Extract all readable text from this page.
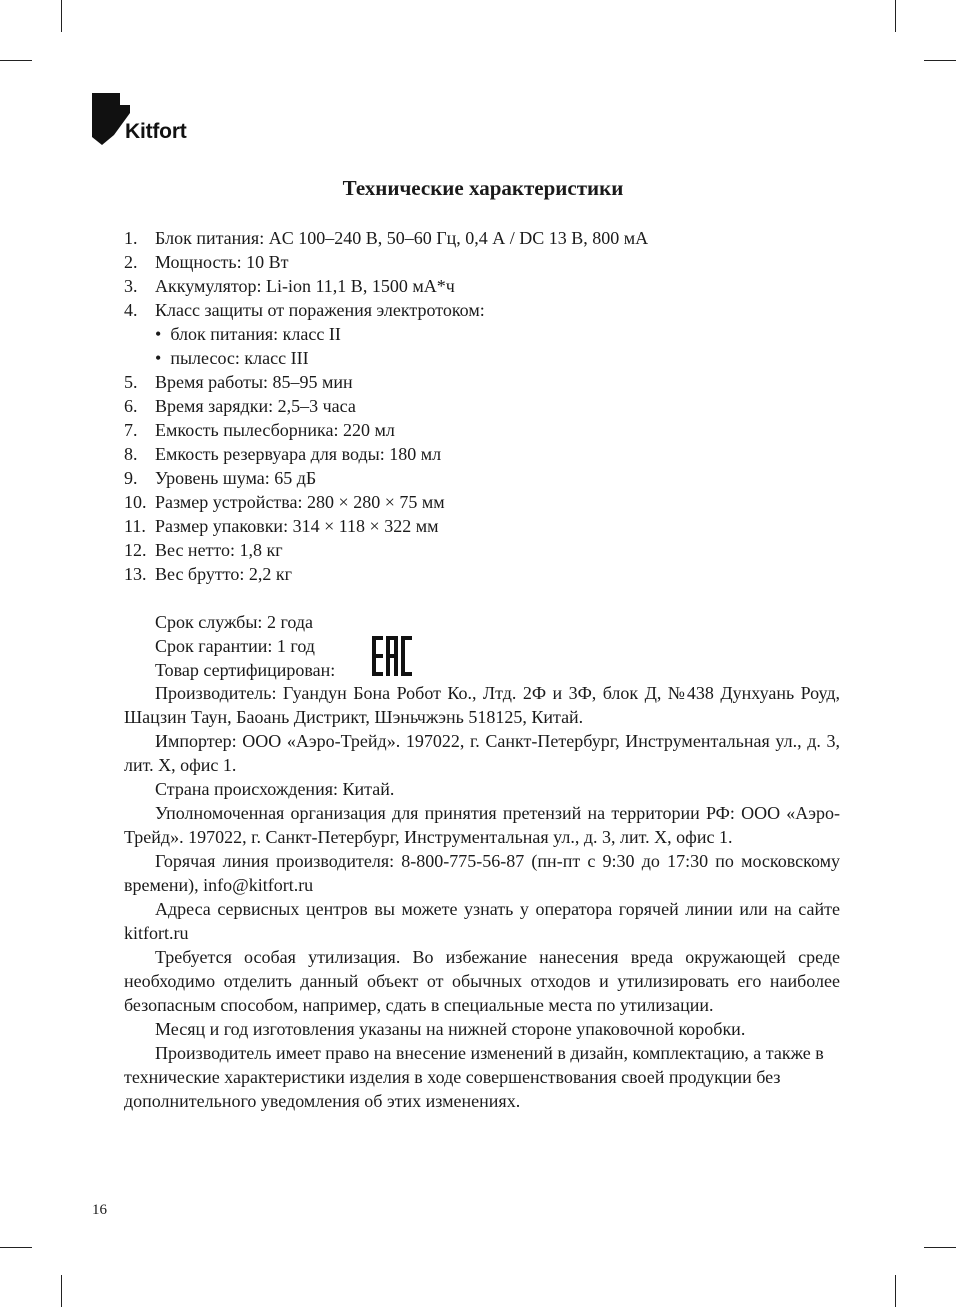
Kitfort
Технические характеристики
1. Блок питания: AC 100–240 В, 50–60 Гц, 0,4 А / DC 13 В, 800 мА
2. Мощность: 10 Вт
3. Аккумулятор: Li-ion 11,1 В, 1500 мА*ч
4. Класс защиты от поражения электротоком:
• блок питания: класс II
• пылесос: класс III
5. Время работы: 85–95 мин
6. Время зарядки: 2,5–3 часа
7. Емкость пылесборника: 220 мл
8. Емкость резервуара для воды: 180 мл
9. Уровень шума: 65 дБ
10. Размер устройства: 280 × 280 × 75 мм
11. Размер упаковки: 314 × 118 × 322 мм
12. Вес нетто: 1,8 кг
13. Вес брутто: 2,2 кг
Срок службы: 2 года
Срок гарантии: 1 год
Товар сертифицирован:

Производитель: Гуандун Бона Робот Ко., Лтд. 2Ф и 3Ф, блок Д, №438 Дунхуань Роуд, Шацзин Таун, Баоань Дистрикт, Шэньчжэнь 518125, Китай.

Импортер: ООО «Аэро-Трейд». 197022, г. Санкт-Петербург, Инструментальная ул., д. 3, лит. Х, офис 1.

Страна происхождения: Китай.

Уполномоченная организация для принятия претензий на территории РФ: ООО «Аэро-Трейд». 197022, г. Санкт-Петербург, Инструментальная ул., д. 3, лит. Х, офис 1.

Горячая линия производителя: 8-800-775-56-87 (пн-пт с 9:30 до 17:30 по московскому времени), info@kitfort.ru

Адреса сервисных центров вы можете узнать у оператора горячей линии или на сайте kitfort.ru

Требуется особая утилизация. Во избежание нанесения вреда окружающей среде необходимо отделить данный объект от обычных отходов и утилизировать его наиболее безопасным способом, например, сдать в специальные места по утилизации.

Месяц и год изготовления указаны на нижней стороне упаковочной коробки.

Производитель имеет право на внесение изменений в дизайн, комплектацию, а также в технические характеристики изделия в ходе совершенствования своей продукции без дополнительного уведомления об этих изменениях.

16
